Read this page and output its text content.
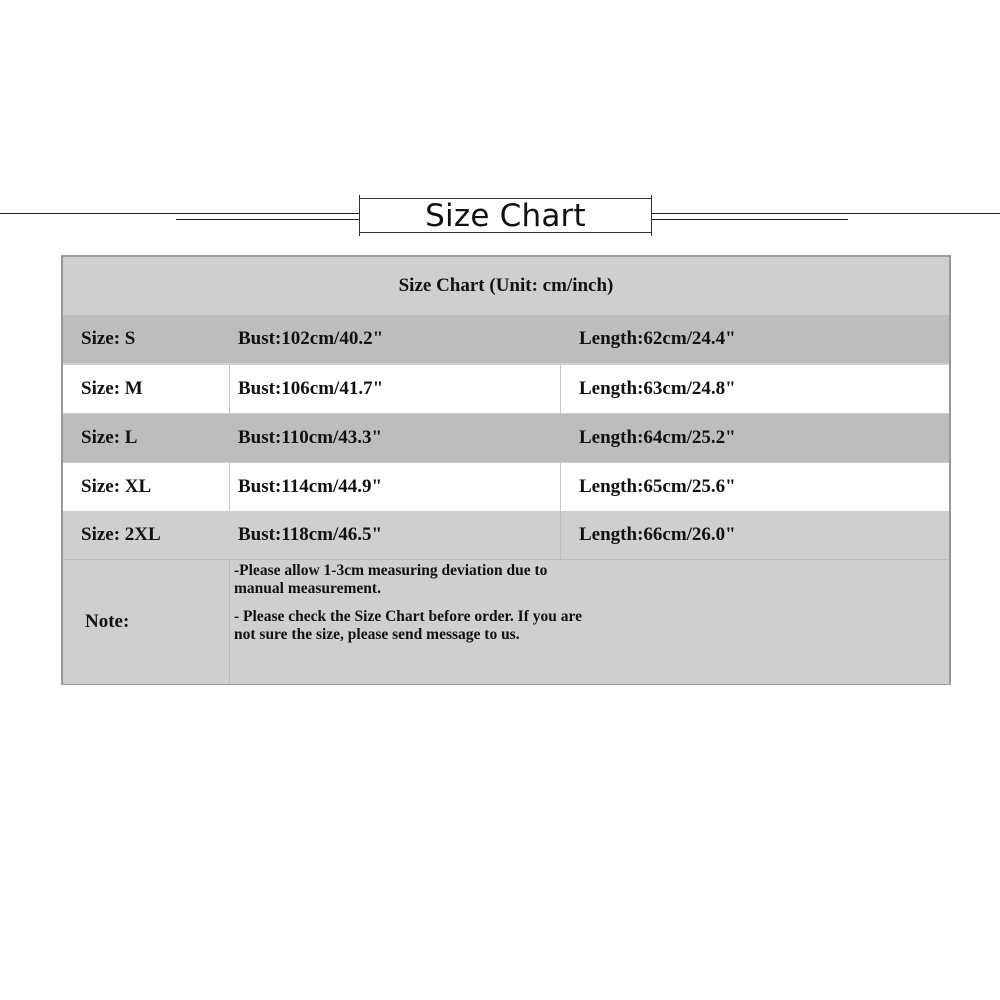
Size Chart
Size Chart (Unit: cm/inch)
Size: S	Bust:102cm/40.2"	Length:62cm/24.4"
Size: M	Bust:106cm/41.7"	Length:63cm/24.8"
Size: L	Bust:110cm/43.3"	Length:64cm/25.2"
Size: XL	Bust:114cm/44.9"	Length:65cm/25.6"
Size: 2XL	Bust:118cm/46.5"	Length:66cm/26.0"
Note:

-Please allow 1-3cm measuring deviation due to manual measurement.

- Please check the Size Chart before order. If you are not sure the size, please send message to us.
